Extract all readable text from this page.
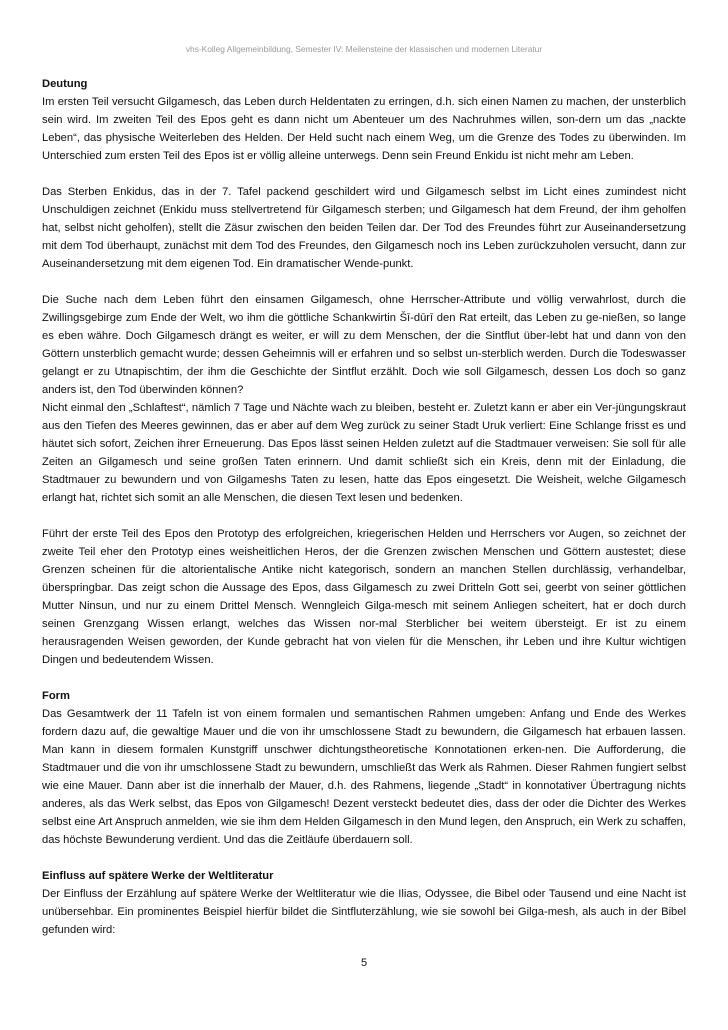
vhs-Kolleg Allgemeinbildung, Semester IV: Meilensteine der klassischen und modernen Literatur

Deutung

Im ersten Teil versucht Gilgamesch, das Leben durch Heldentaten zu erringen, d.h. sich einen Namen zu machen, der unsterblich sein wird. Im zweiten Teil des Epos geht es dann nicht um Abenteuer um des Nachruhmes willen, son-dern um das „nackte Leben“, das physische Weiterleben des Helden. Der Held sucht nach einem Weg, um die Grenze des Todes zu überwinden. Im Unterschied zum ersten Teil des Epos ist er völlig alleine unterwegs. Denn sein Freund Enkidu ist nicht mehr am Leben.

Das Sterben Enkidus, das in der 7. Tafel packend geschildert wird und Gilgamesch selbst im Licht eines zumindest nicht Unschuldigen zeichnet (Enkidu muss stellvertretend für Gilgamesch sterben; und Gilgamesch hat dem Freund, der ihm geholfen hat, selbst nicht geholfen), stellt die Zäsur zwischen den beiden Teilen dar. Der Tod des Freundes führt zur Auseinandersetzung mit dem Tod überhaupt, zunächst mit dem Tod des Freundes, den Gilgamesch noch ins Leben zurückzuholen versucht, dann zur Auseinandersetzung mit dem eigenen Tod. Ein dramatischer Wende-punkt.

Die Suche nach dem Leben führt den einsamen Gilgamesch, ohne Herrscher-Attribute und völlig verwahrlost, durch die Zwillingsgebirge zum Ende der Welt, wo ihm die göttliche Schankwirtin Šī-dūrī den Rat erteilt, das Leben zu ge-nießen, so lange es eben währe. Doch Gilgamesch drängt es weiter, er will zu dem Menschen, der die Sintflut über-lebt hat und dann von den Göttern unsterblich gemacht wurde; dessen Geheimnis will er erfahren und so selbst un-sterblich werden. Durch die Todeswasser gelangt er zu Utnapischtim, der ihm die Geschichte der Sintflut erzählt. Doch wie soll Gilgamesch, dessen Los doch so ganz anders ist, den Tod überwinden können?
Nicht einmal den „Schlaftest“, nämlich 7 Tage und Nächte wach zu bleiben, besteht er. Zuletzt kann er aber ein Ver-jüngungskraut aus den Tiefen des Meeres gewinnen, das er aber auf dem Weg zurück zu seiner Stadt Uruk verliert: Eine Schlange frisst es und häutet sich sofort, Zeichen ihrer Erneuerung. Das Epos lässt seinen Helden zuletzt auf die Stadtmauer verweisen: Sie soll für alle Zeiten an Gilgamesch und seine großen Taten erinnern. Und damit schließt sich ein Kreis, denn mit der Einladung, die Stadtmauer zu bewundern und von Gilgameshs Taten zu lesen, hatte das Epos eingesetzt. Die Weisheit, welche Gilgamesch erlangt hat, richtet sich somit an alle Menschen, die diesen Text lesen und bedenken.

Führt der erste Teil des Epos den Prototyp des erfolgreichen, kriegerischen Helden und Herrschers vor Augen, so zeichnet der zweite Teil eher den Prototyp eines weisheitlichen Heros, der die Grenzen zwischen Menschen und Göttern austestet; diese Grenzen scheinen für die altorientalische Antike nicht kategorisch, sondern an manchen Stellen durchlässig, verhandelbar, überspringbar. Das zeigt schon die Aussage des Epos, dass Gilgamesch zu zwei Dritteln Gott sei, geerbt von seiner göttlichen Mutter Ninsun, und nur zu einem Drittel Mensch. Wenngleich Gilga-mesch mit seinem Anliegen scheitert, hat er doch durch seinen Grenzgang Wissen erlangt, welches das Wissen nor-mal Sterblicher bei weitem übersteigt. Er ist zu einem herausragenden Weisen geworden, der Kunde gebracht hat von vielen für die Menschen, ihr Leben und ihre Kultur wichtigen Dingen und bedeutendem Wissen.

Form

Das Gesamtwerk der 11 Tafeln ist von einem formalen und semantischen Rahmen umgeben: Anfang und Ende des Werkes fordern dazu auf, die gewaltige Mauer und die von ihr umschlossene Stadt zu bewundern, die Gilgamesch hat erbauen lassen. Man kann in diesem formalen Kunstgriff unschwer dichtungstheoretische Konnotationen erken-nen. Die Aufforderung, die Stadtmauer und die von ihr umschlossene Stadt zu bewundern, umschließt das Werk als Rahmen. Dieser Rahmen fungiert selbst wie eine Mauer. Dann aber ist die innerhalb der Mauer, d.h. des Rahmens, liegende „Stadt“ in konnotativer Übertragung nichts anderes, als das Werk selbst, das Epos von Gilgamesch! Dezent versteckt bedeutet dies, dass der oder die Dichter des Werkes selbst eine Art Anspruch anmelden, wie sie ihm dem Helden Gilgamesch in den Mund legen, den Anspruch, ein Werk zu schaffen, das höchste Bewunderung verdient. Und das die Zeitläufe überdauern soll.

Einfluss auf spätere Werke der Weltliteratur

Der Einfluss der Erzählung auf spätere Werke der Weltliteratur wie die Ilias, Odyssee, die Bibel oder Tausend und eine Nacht ist unübersehbar. Ein prominentes Beispiel hierfür bildet die Sintfluterzählung, wie sie sowohl bei Gilga-mesh, als auch in der Bibel gefunden wird:

5
